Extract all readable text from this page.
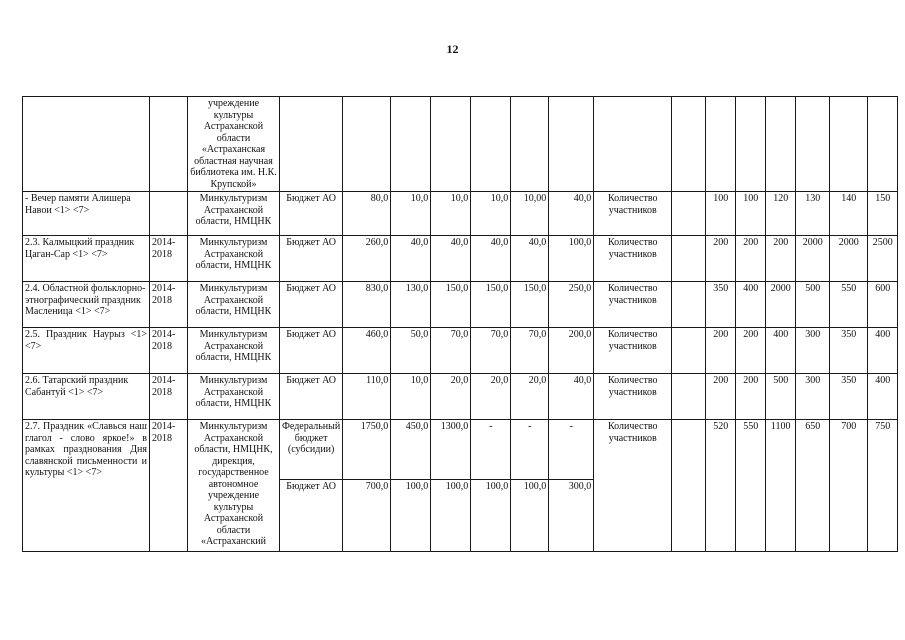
12
		учреждение культуры Астраханской области «Астраханская областная научная библиотека им. Н.К. Крупской»															
- Вечер памяти Алишера Навои <1> <7>		Минкультуризм Астраханской области, НМЦНК	Бюджет АО	80,0	10,0	10,0	10,0	10,00	40,0	Количество участников		100	100	120	130	140	150
2.3. Калмыцкий праздник Цаган-Сар <1> <7>	2014-2018	Минкультуризм Астраханской области, НМЦНК	Бюджет АО	260,0	40,0	40,0	40,0	40,0	100,0	Количество участников		200	200	200	2000	2000	2500
2.4. Областной фольклорно-этнографический праздник Масленица <1> <7>	2014-2018	Минкультуризм Астраханской области, НМЦНК	Бюджет АО	830,0	130,0	150,0	150,0	150,0	250,0	Количество участников		350	400	2000	500	550	600
2.5. Праздник Наурыз <1> <7>	2014-2018	Минкультуризм Астраханской области, НМЦНК	Бюджет АО	460,0	50,0	70,0	70,0	70,0	200,0	Количество участников		200	200	400	300	350	400
2.6. Татарский праздник Сабантуй <1> <7>	2014-2018	Минкультуризм Астраханской области, НМЦНК	Бюджет АО	110,0	10,0	20,0	20,0	20,0	40,0	Количество участников		200	200	500	300	350	400
2.7. Праздник «Славься наш глагол - слово яркое!» в рамках празднования Дня славянской письменности и культуры <1> <7>	2014-2018	Минкультуризм Астраханской области, НМЦНК, дирекция, государственное автономное учреждение культуры Астраханской области «Астраханский	Федеральный бюджет (субсидии)	1750,0	450,0	1300,0	-	-	-	Количество участников		520	550	1100	650	700	750
			Бюджет АО	700,0	100,0	100,0	100,0	100,0	300,0								
